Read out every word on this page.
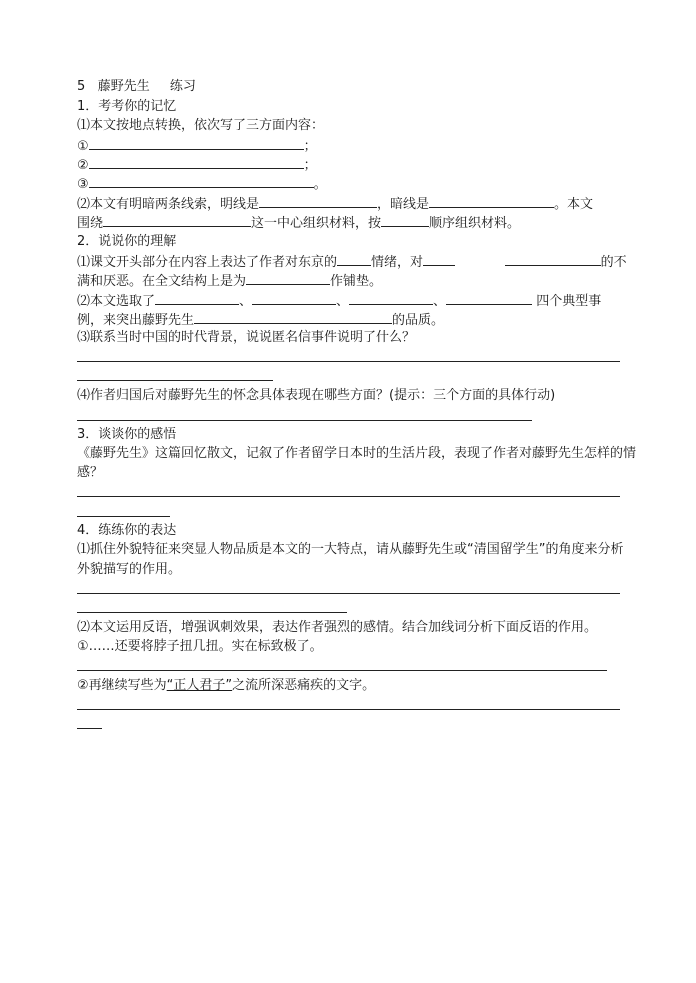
5 藤野先生 练习
1．考考你的记忆
⑴本文按地点转换，依次写了三方面内容：
①	；
②	；
③	。
⑵本文有明暗两条线索，明线是	，暗线是	。本文
围绕	这一中心组织材料，按	顺序组织材料。
2．说说你的理解
⑴课文开头部分在内容上表达了作者对东京的	情绪，对	的不
满和厌恶。在全文结构上是为	作铺垫。
⑵本文选取了	、	、	、	四个典型事
例，来突出藤野先生	的品质。
⑶联系当时中国的时代背景，说说匿名信事件说明了什么？
⑷作者归国后对藤野先生的怀念具体表现在哪些方面？(提示：三个方面的具体行动)
3．谈谈你的感悟
《藤野先生》这篇回忆散文，记叙了作者留学日本时的生活片段，表现了作者对藤野先生怎样的情
感？
4．练练你的表达
⑴抓住外貌特征来突显人物品质是本文的一大特点，请从藤野先生或“清国留学生”的角度来分析
外貌描写的作用。
⑵本文运用反语，增强讽刺效果，表达作者强烈的感情。结合加线词分析下面反语的作用。
①……还要将脖子扭几扭。实在标致极了。
②再继续写些为“正人君子”之流所深恶痛疾的文字。
